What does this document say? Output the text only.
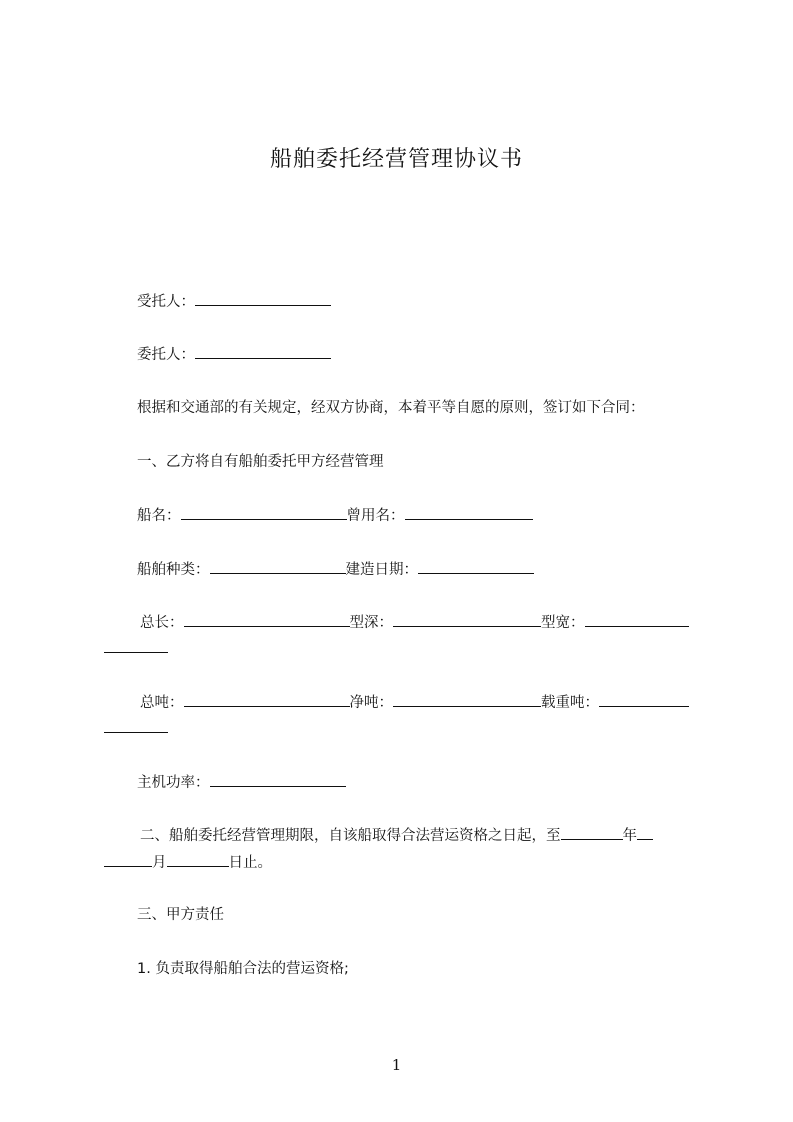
船舶委托经营管理协议书
受托人：
委托人：
根据和交通部的有关规定，经双方协商，本着平等自愿的原则，签订如下合同：
一、乙方将自有船舶委托甲方经营管理
船名：	曾用名：
船舶种类：	建造日期：
总长：	型深：	型宽：
总吨：	净吨：	载重吨：
主机功率：
二、船舶委托经营管理期限，自该船取得合法营运资格之日起，至	年
月	日止。
三、甲方责任
1. 负责取得船舶合法的营运资格;
1
